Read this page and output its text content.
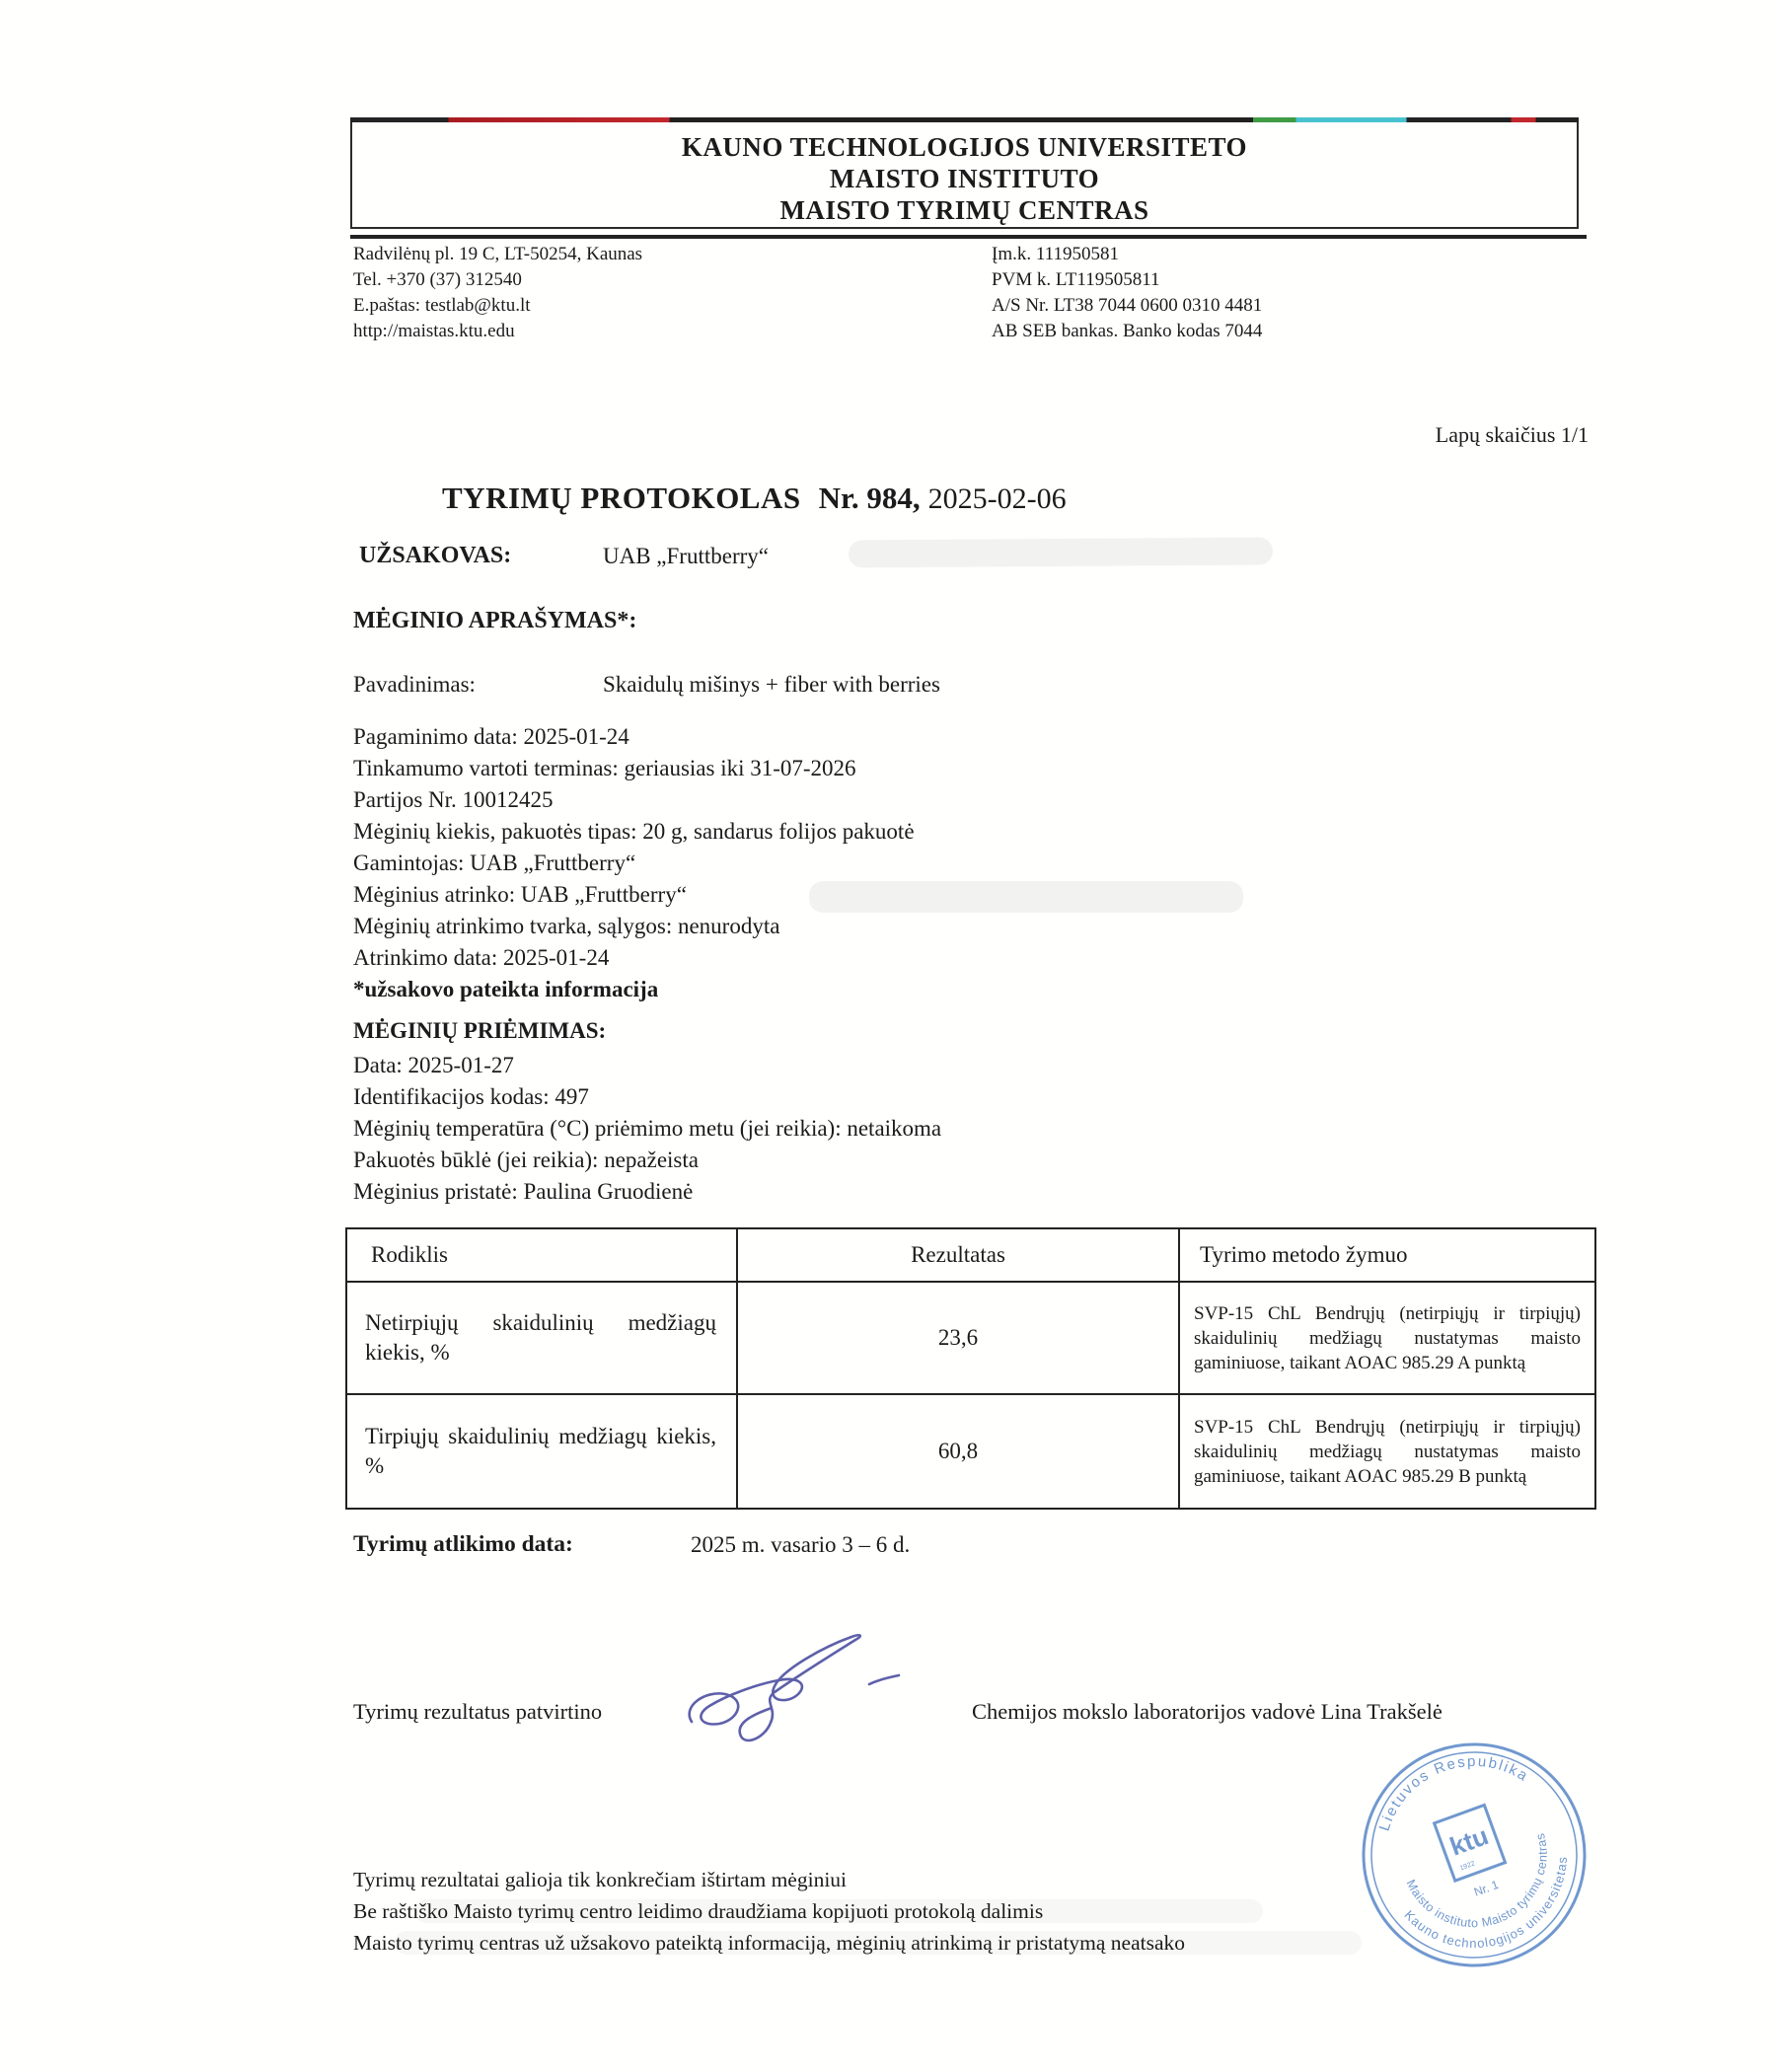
KAUNO TECHNOLOGIJOS UNIVERSITETO
MAISTO INSTITUTO
MAISTO TYRIMŲ CENTRAS
Radvilėnų pl. 19 C, LT-50254, Kaunas
Tel. +370 (37) 312540
E.paštas: testlab@ktu.lt
http://maistas.ktu.edu
Įm.k. 111950581
PVM k. LT119505811
A/S Nr. LT38 7044 0600 0310 4481
AB SEB bankas. Banko kodas 7044
Lapų skaičius 1/1
TYRIMŲ PROTOKOLAS Nr. 984, 2025-02-06
UŽSAKOVAS:	UAB „Fruttberry“
MĖGINIO APRAŠYMAS*:
Pavadinimas:	Skaidulų mišinys + fiber with berries
Pagaminimo data: 2025-01-24
Tinkamumo vartoti terminas: geriausias iki 31-07-2026
Partijos Nr. 10012425
Mėginių kiekis, pakuotės tipas: 20 g, sandarus folijos pakuotė
Gamintojas: UAB „Fruttberry“
Mėginius atrinko: UAB „Fruttberry“
Mėginių atrinkimo tvarka, sąlygos: nenurodyta
Atrinkimo data: 2025-01-24
*užsakovo pateikta informacija
MĖGINIŲ PRIĖMIMAS:
Data: 2025-01-27
Identifikacijos kodas: 497
Mėginių temperatūra (°C) priėmimo metu (jei reikia): netaikoma
Pakuotės būklė (jei reikia): nepažeista
Mėginius pristatė: Paulina Gruodienė
Rodiklis	Rezultatas	Tyrimo metodo žymuo
Netirpiųjų skaidulinių medžiagų kiekis, %	23,6	SVP-15 ChL Bendrųjų (netirpiųjų ir tirpiųjų) skaidulinių medžiagų nustatymas maisto gaminiuose, taikant AOAC 985.29 A punktą
Tirpiųjų skaidulinių medžiagų kiekis, %	60,8	SVP-15 ChL Bendrųjų (netirpiųjų ir tirpiųjų) skaidulinių medžiagų nustatymas maisto gaminiuose, taikant AOAC 985.29 B punktą
Tyrimų atlikimo data:	2025 m. vasario 3 – 6 d.
Tyrimų rezultatus patvirtino	Chemijos mokslo laboratorijos vadovė Lina Trakšelė
Tyrimų rezultatai galioja tik konkrečiam ištirtam mėginiui
Be raštiško Maisto tyrimų centro leidimo draudžiama kopijuoti protokolą dalimis
Maisto tyrimų centras už užsakovo pateiktą informaciją, mėginių atrinkimą ir pristatymą neatsako
Lietuvos Respublika
Kauno technologijos universitetas
Maisto instituto Maisto tyrimų centras
ktu
1922
Nr. 1
